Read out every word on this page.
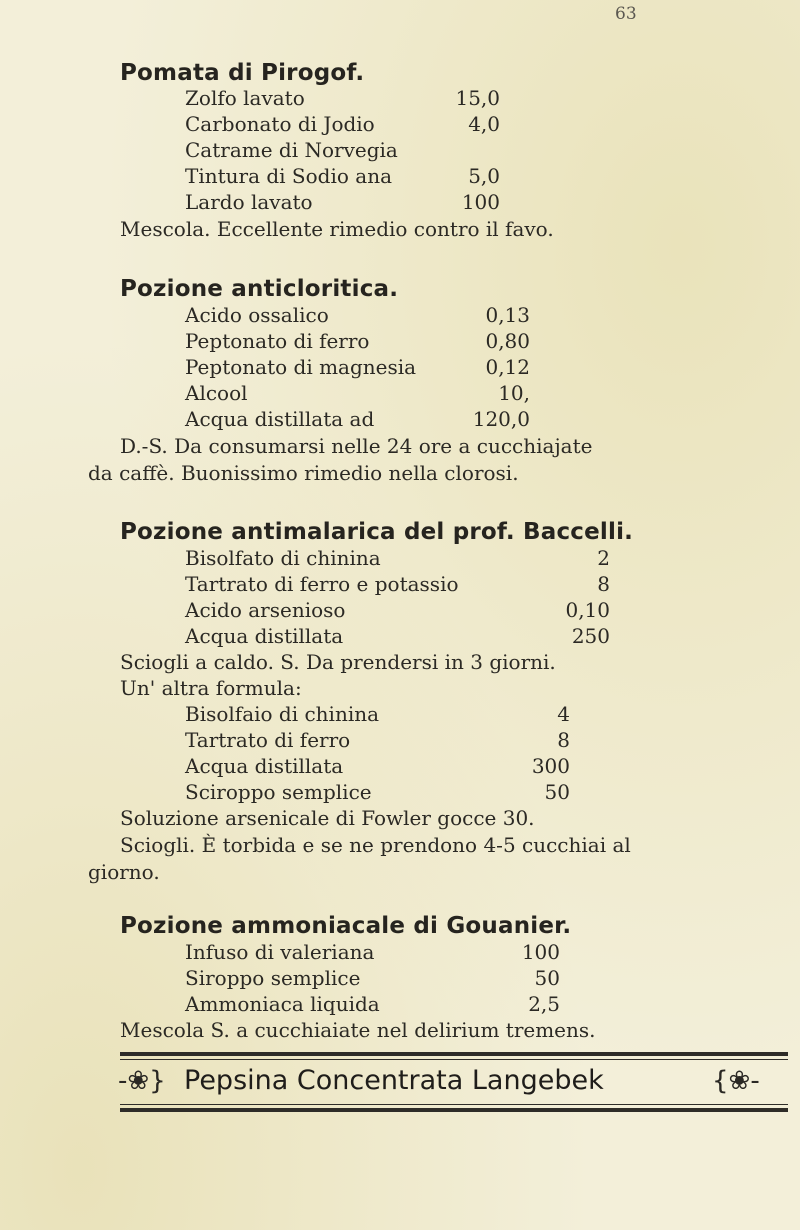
63
Pomata di Pirogof.
Zolfo lavato	15,0
Carbonato di Jodio	4,0
Catrame di Norvegia
Tintura di Sodio ana	5,0
Lardo lavato	100
Mescola. Eccellente rimedio contro il favo.
Pozione anticloritica.
Acido ossalico	0,13
Peptonato di ferro	0,80
Peptonato di magnesia	0,12
Alcool	10,
Acqua distillata ad	120,0
D.-S. Da consumarsi nelle 24 ore a cucchiajate
da caffè. Buonissimo rimedio nella clorosi.
Pozione antimalarica del prof. Baccelli.
Bisolfato di chinina	2
Tartrato di ferro e potassio	8
Acido arsenioso	0,10
Acqua distillata	250
Sciogli a caldo. S. Da prendersi in 3 giorni.
Un' altra formula:
Bisolfaio di chinina	4
Tartrato di ferro	8
Acqua distillata	300
Sciroppo semplice	50
Soluzione arsenicale di Fowler gocce 30.
Sciogli. È torbida e se ne prendono 4-5 cucchiai al
giorno.
Pozione ammoniacale di Gouanier.
Infuso di valeriana	100
Siroppo semplice	50
Ammoniaca liquida	2,5
Mescola S. a cucchiaiate nel delirium tremens.
-❀} Pepsina Concentrata Langebek	{❀-
